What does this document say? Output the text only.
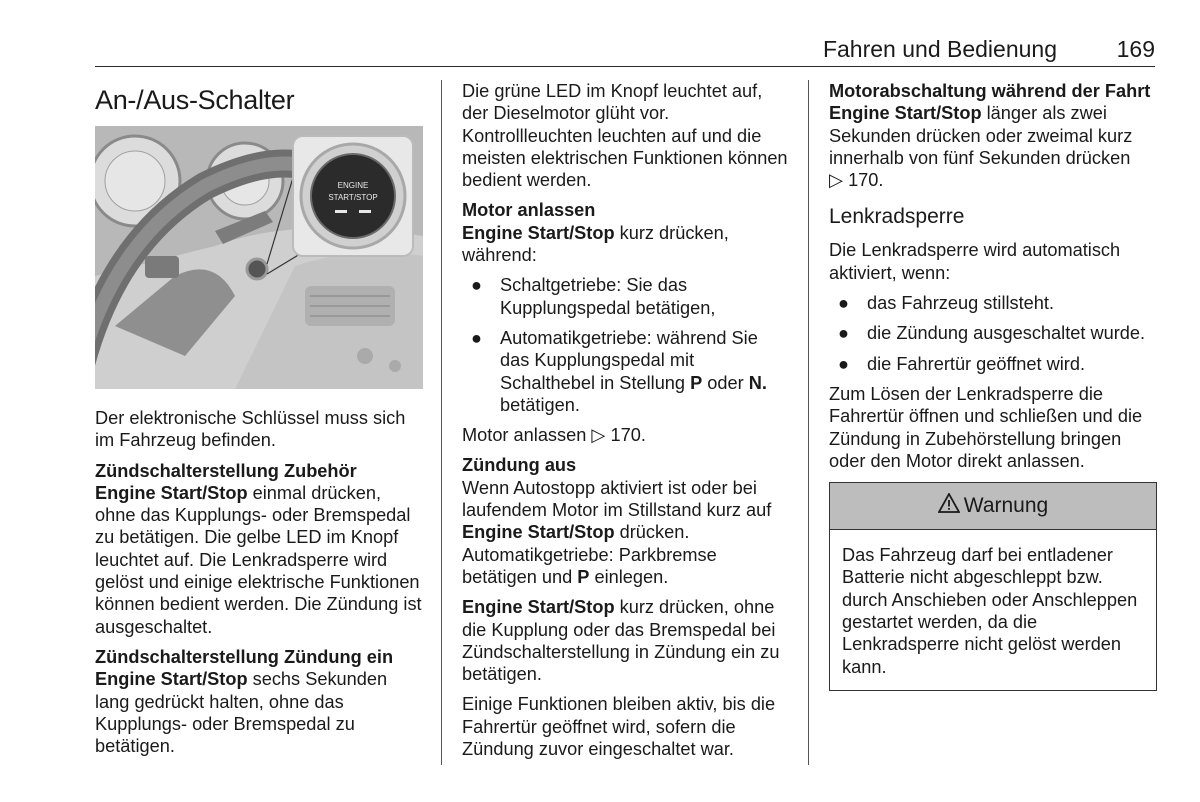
Fahren und Bedienung	169
An-/Aus-Schalter
ENGINE
START/STOP

Der elektronische Schlüssel muss sich im Fahrzeug befinden.

Zündschalterstellung Zubehör

Engine Start/Stop einmal drücken, ohne das Kupplungs- oder Bremspedal zu betätigen. Die gelbe LED im Knopf leuchtet auf. Die Lenkradsperre wird gelöst und einige elektrische Funktionen können bedient werden. Die Zündung ist ausgeschaltet.

Zündschalterstellung Zündung ein

Engine Start/Stop sechs Sekunden lang gedrückt halten, ohne das Kupplungs- oder Bremspedal zu betätigen.

Die grüne LED im Knopf leuchtet auf, der Dieselmotor glüht vor. Kontrollleuchten leuchten auf und die meisten elektrischen Funktionen können bedient werden.

Motor anlassen

Engine Start/Stop kurz drücken, während:

● Schaltgetriebe: Sie das Kupplungspedal betätigen,
● Automatikgetriebe: während Sie das Kupplungspedal mit Schalthebel in Stellung P oder N. betätigen.

Motor anlassen ▷ 170.

Zündung aus

Wenn Autostopp aktiviert ist oder bei laufendem Motor im Stillstand kurz auf Engine Start/Stop drücken. Automatikgetriebe: Parkbremse betätigen und P einlegen.

Engine Start/Stop kurz drücken, ohne die Kupplung oder das Bremspedal bei Zündschalterstellung in Zündung ein zu betätigen.

Einige Funktionen bleiben aktiv, bis die Fahrertür geöffnet wird, sofern die Zündung zuvor eingeschaltet war.

Motorabschaltung während der Fahrt

Engine Start/Stop länger als zwei Sekunden drücken oder zweimal kurz innerhalb von fünf Sekunden drücken
▷ 170.

Lenkradsperre

Die Lenkradsperre wird automatisch aktiviert, wenn:

● das Fahrzeug stillsteht.
● die Zündung ausgeschaltet wurde.
● die Fahrertür geöffnet wird.

Zum Lösen der Lenkradsperre die Fahrertür öffnen und schließen und die Zündung in Zubehörstellung bringen oder den Motor direkt anlassen.

Warnung

Das Fahrzeug darf bei entladener Batterie nicht abgeschleppt bzw. durch Anschieben oder Anschleppen gestartet werden, da die Lenkradsperre nicht gelöst werden kann.
